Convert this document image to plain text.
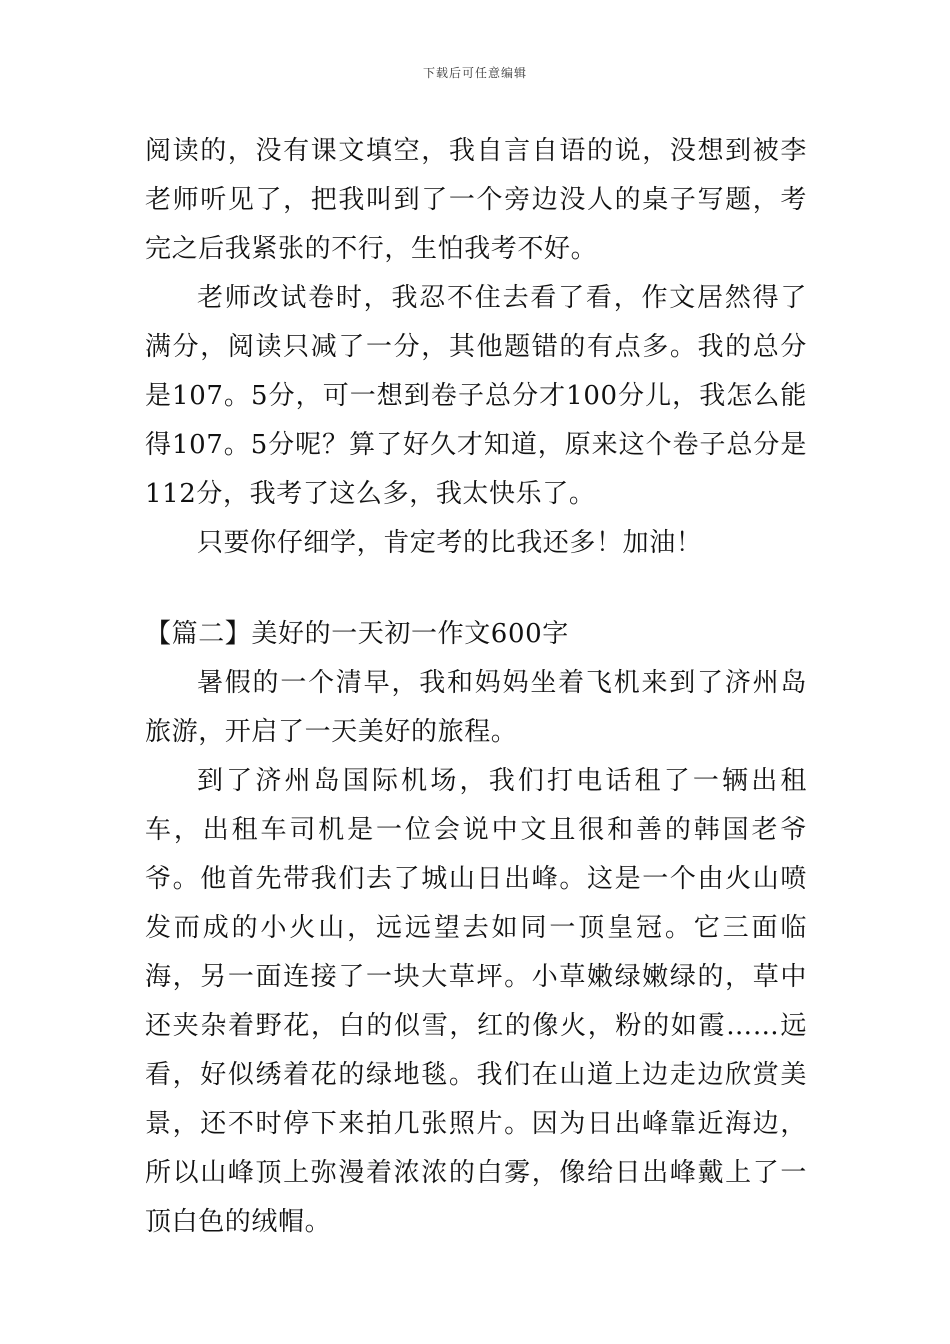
下载后可任意编辑

阅读的，没有课文填空，我自言自语的说，没想到被李老师听见了，把我叫到了一个旁边没人的桌子写题，考完之后我紧张的不行，生怕我考不好。

老师改试卷时，我忍不住去看了看，作文居然得了满分，阅读只减了一分，其他题错的有点多。我的总分是107。5分，可一想到卷子总分才100分儿，我怎么能得107。5分呢？算了好久才知道，原来这个卷子总分是112分，我考了这么多，我太快乐了。

只要你仔细学，肯定考的比我还多！加油！

【篇二】美好的一天初一作文600字

暑假的一个清早，我和妈妈坐着飞机来到了济州岛旅游，开启了一天美好的旅程。

到了济州岛国际机场，我们打电话租了一辆出租车，出租车司机是一位会说中文且很和善的韩国老爷爷。他首先带我们去了城山日出峰。这是一个由火山喷发而成的小火山，远远望去如同一顶皇冠。它三面临海，另一面连接了一块大草坪。小草嫩绿嫩绿的，草中还夹杂着野花，白的似雪，红的像火，粉的如霞……远看，好似绣着花的绿地毯。我们在山道上边走边欣赏美景，还不时停下来拍几张照片。因为日出峰靠近海边，所以山峰顶上弥漫着浓浓的白雾，像给日出峰戴上了一顶白色的绒帽。
